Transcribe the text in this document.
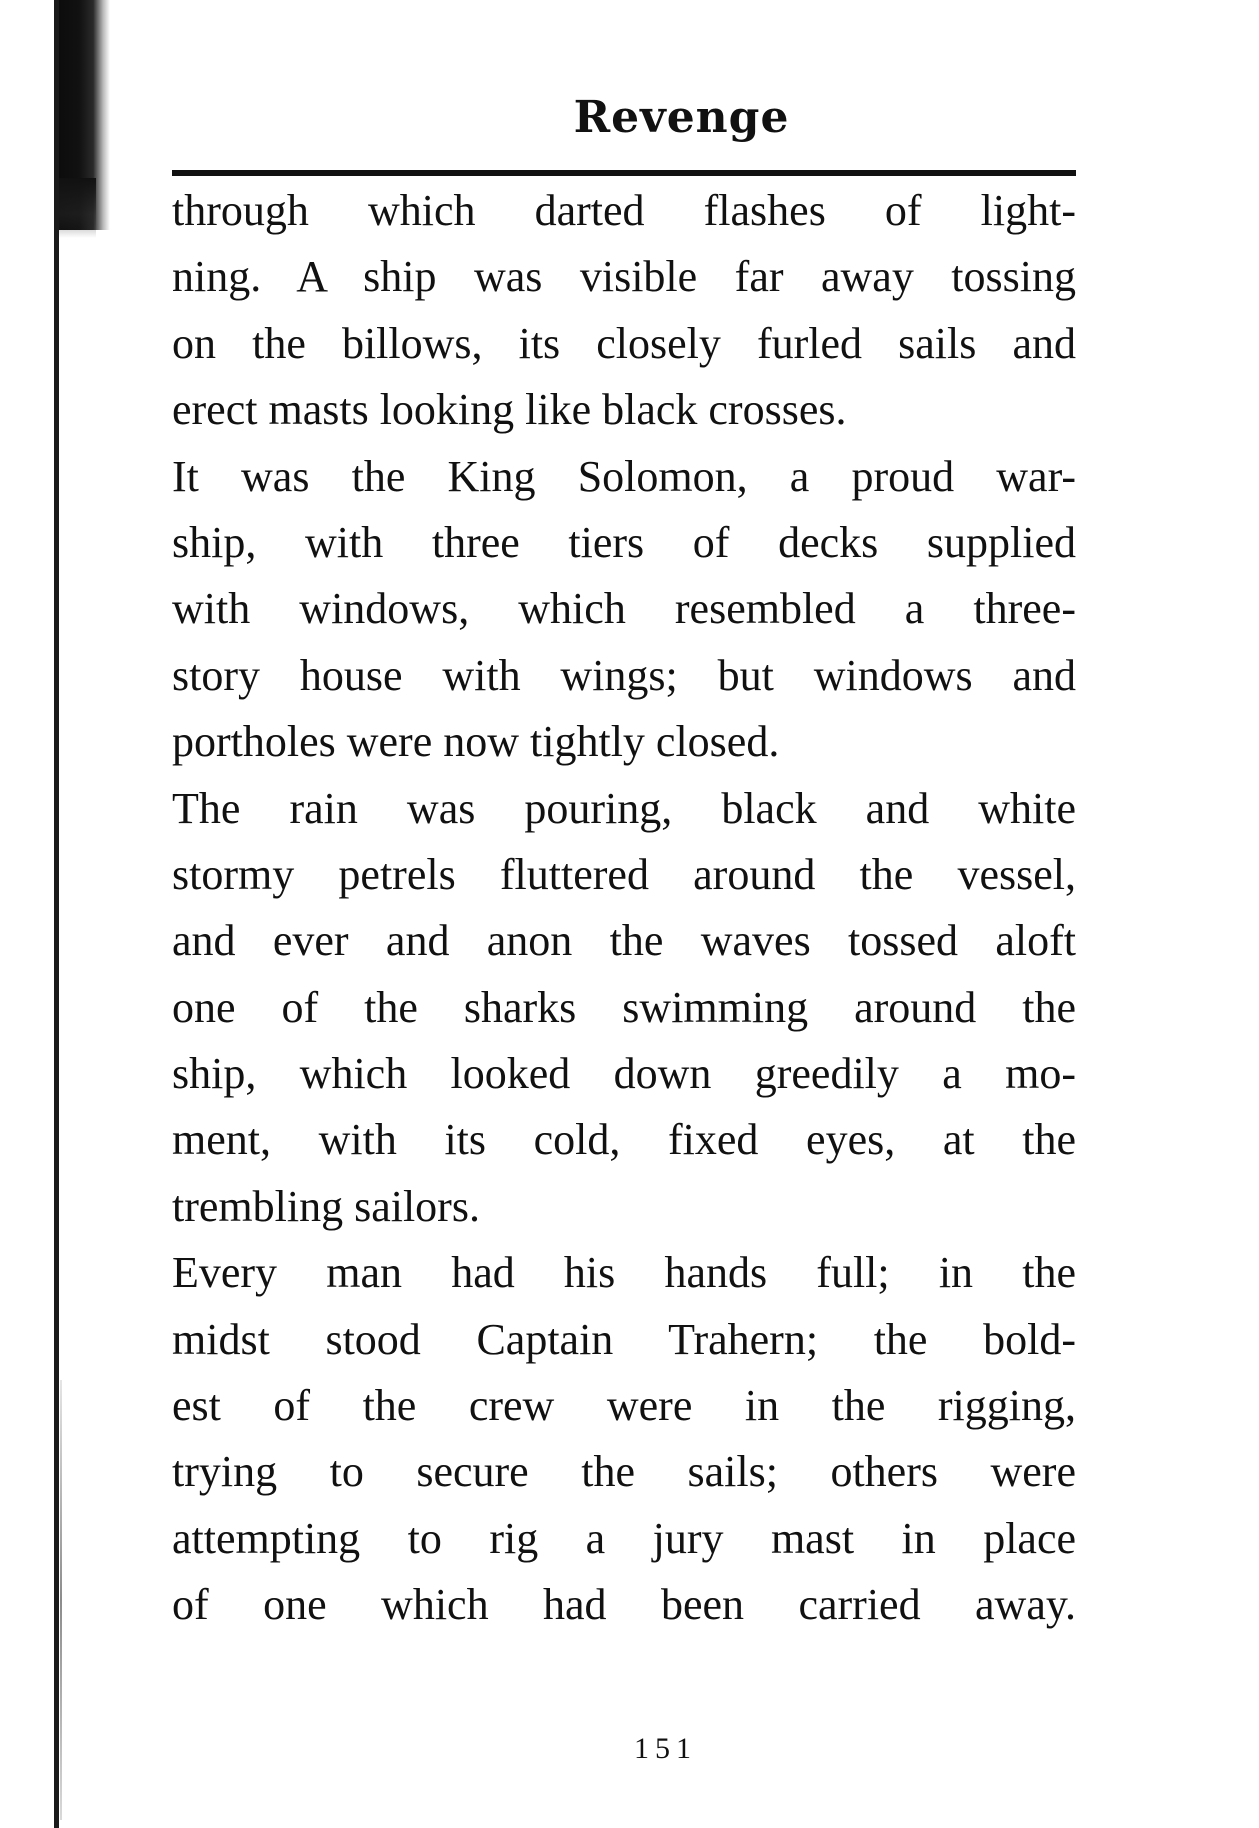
Revenge
through which darted flashes of light-
ning. A ship was visible far away tossing
on the billows, its closely furled sails and
erect masts looking like black crosses.
It was the King Solomon, a proud war-
ship, with three tiers of decks supplied
with windows, which resembled a three-
story house with wings; but windows and
portholes were now tightly closed.
The rain was pouring, black and white
stormy petrels fluttered around the vessel,
and ever and anon the waves tossed aloft
one of the sharks swimming around the
ship, which looked down greedily a mo-
ment, with its cold, fixed eyes, at the
trembling sailors.
Every man had his hands full; in the
midst stood Captain Trahern; the bold-
est of the crew were in the rigging,
trying to secure the sails; others were
attempting to rig a jury mast in place
of one which had been carried away.
151
